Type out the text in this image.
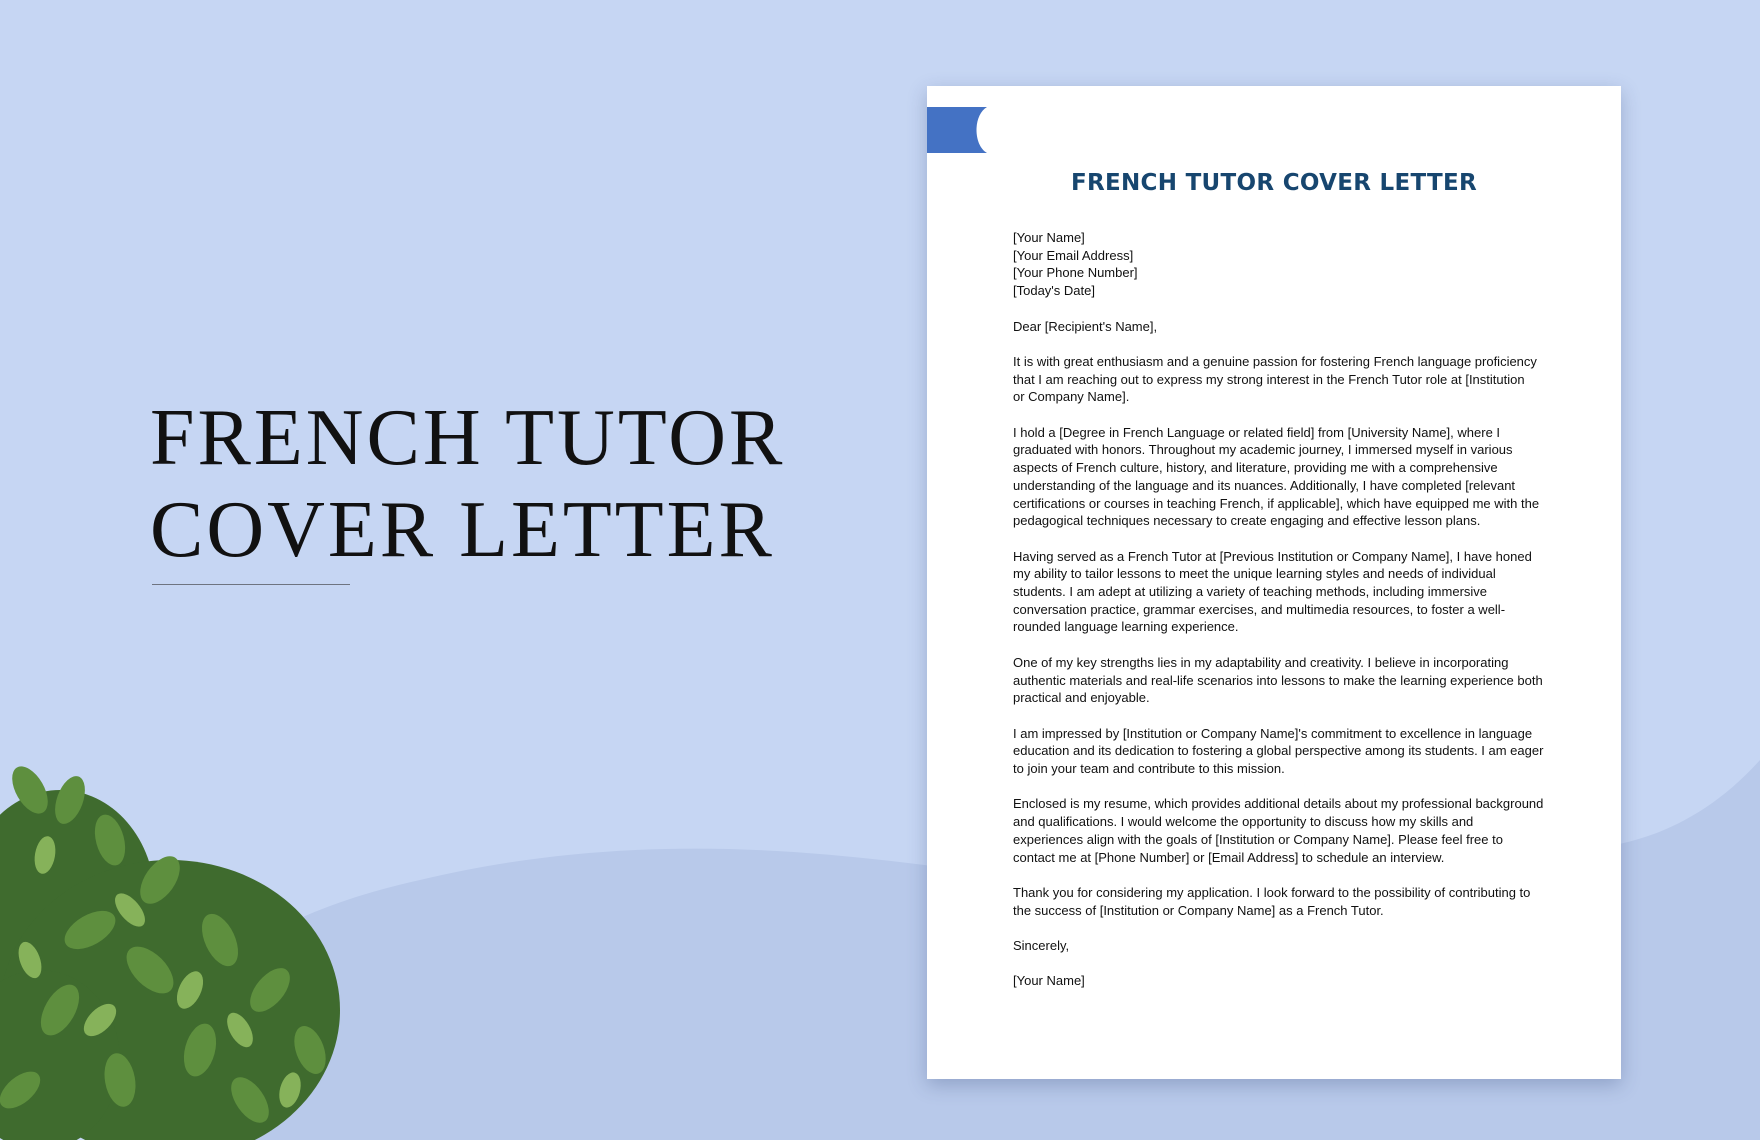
FRENCH TUTOR
COVER LETTER
FRENCH TUTOR COVER LETTER
[Your Name]
[Your Email Address]
[Your Phone Number]
[Today's Date]
Dear [Recipient's Name],
It is with great enthusiasm and a genuine passion for fostering French language proficiency
that I am reaching out to express my strong interest in the French Tutor role at [Institution
or Company Name].
I hold a [Degree in French Language or related field] from [University Name], where I
graduated with honors. Throughout my academic journey, I immersed myself in various
aspects of French culture, history, and literature, providing me with a comprehensive
understanding of the language and its nuances. Additionally, I have completed [relevant
certifications or courses in teaching French, if applicable], which have equipped me with the
pedagogical techniques necessary to create engaging and effective lesson plans.
Having served as a French Tutor at [Previous Institution or Company Name], I have honed
my ability to tailor lessons to meet the unique learning styles and needs of individual
students. I am adept at utilizing a variety of teaching methods, including immersive
conversation practice, grammar exercises, and multimedia resources, to foster a well-
rounded language learning experience.
One of my key strengths lies in my adaptability and creativity. I believe in incorporating
authentic materials and real-life scenarios into lessons to make the learning experience both
practical and enjoyable.
I am impressed by [Institution or Company Name]'s commitment to excellence in language
education and its dedication to fostering a global perspective among its students. I am eager
to join your team and contribute to this mission.
Enclosed is my resume, which provides additional details about my professional background
and qualifications. I would welcome the opportunity to discuss how my skills and
experiences align with the goals of [Institution or Company Name]. Please feel free to
contact me at [Phone Number] or [Email Address] to schedule an interview.
Thank you for considering my application. I look forward to the possibility of contributing to
the success of [Institution or Company Name] as a French Tutor.
Sincerely,
[Your Name]
